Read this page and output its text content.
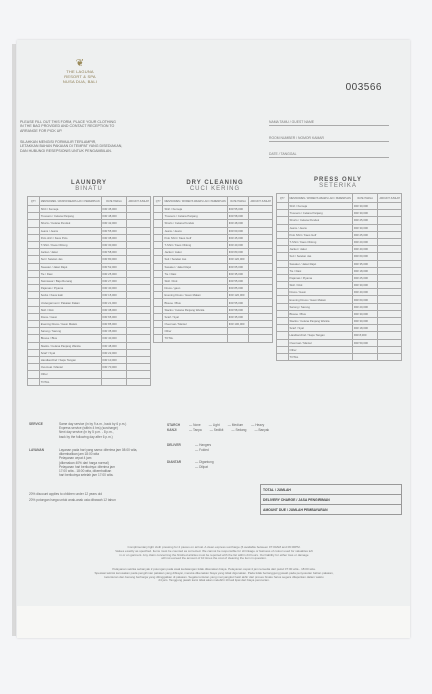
❦
THE LAGUNA
RESORT & SPA
NUSA DUA, BALI
003566
PLEASE FILL OUT THIS FORM, PLACE YOUR CLOTHING
IN THE BAG PROVIDED AND CONTACT RECEPTION TO
ARRANGE FOR PICK UP.
SILAHKAN MENGISI FORMULIR TERLAMPIR,
LETAKKAN BAHAN PAKAIAN DI TEMPAT YANG DISEDIAKAN,
DAN HUBUNGI RESEPSIONIS UNTUK PENGAMBILAN.
NAMA TAMU / GUEST NAME
ROOM NUMBER / NOMOR KAMAR
DATE / TANGGAL
LAUNDRY
BINATU
DRY CLEANING
CUCI KERING
PRESS ONLY
SETERIKA
QTY	MEN/WOMEN / WANITA/WEARS LAKI / PEREMPUAN	RATE HARGA	AMOUNT JUMLAH
	Shirt / Kemeja	IDR 45,000	
	Trousers / Celana Panjang	IDR 48,000	
	Shorts / Celana Pendek	IDR 42,000	
	Jeans / Jeans	IDR 55,000	
	Polo shirt / Kaos Polo	IDR 38,000	
	T-Shirt / Kaos Oblong	IDR 30,000	
	Jacket / Jaket	IDR 58,000	
	Suit / Setelan Jas	IDR 80,000	
	Sweater / Jaket Rajut	IDR 52,000	
	Tie / Dasi	IDR 25,000	
	Swimwear / Baju Renang	IDR 27,000	
	Pajamas / Piyama	IDR 40,000	
	Socks / Kaos kaki	IDR 15,000	
	Undergarment / Pakaian Dalam	IDR 21,000	
	Skirt / Rok	IDR 38,000	
	Dress / Gaun	IDR 65,000	
	Evening Dress / Gaun Malam	IDR 85,000	
	Sarong / Sarung	IDR 35,000	
	Blouse / Blus	IDR 40,000	
	Slacks / Celana Panjang Wanita	IDR 48,000	
	Scarf / Syal	IDR 22,000	
	Handkerchief / Sapu Tangan	IDR 10,000	
	Overcoat / Mantel	IDR 70,000	
	Other		
	TOTAL		
QTY	MEN/WOMEN / WOMEN'S WEARS LAKI / PEREMPUAN	RATE HARGA	AMOUNT JUMLAH
	Shirt / Kemeja	IDR 55,000	
	Trousers / Celana Panjang	IDR 58,000	
	Shorts / Celana Pendek	IDR 48,000	
	Jeans / Jeans	IDR 60,000	
	Polo Shirt / Kaos Golf	IDR 45,000	
	T-Shirt / Kaos Oblong	IDR 40,000	
	Jacket / Jaket	IDR 80,000	
	Suit / Setelan Jas	IDR 120,000	
	Sweater / Jaket Rajut	IDR 65,000	
	Tie / Dasi	IDR 35,000	
	Skirt / Rok	IDR 55,000	
	Dress / gaun	IDR 85,000	
	Evening Dress / Gaun Malam	IDR 120,000	
	Blouse / Blus	IDR 55,000	
	Slacks / Celana Panjang Wanita	IDR 58,000	
	Scarf / Syal	IDR 35,000	
	Overcoat / Mantel	IDR 100,000	
	Other		
	TOTAL		
QTY	MEN/WOMEN / WOMEN'S WEARS LAKI / PEREMPUAN	RATE HARGA	AMOUNT JUMLAH
	Shirt / Kemeja	IDR 30,000	
	Trousers / Celana Panjang	IDR 30,000	
	Shorts / Celana Pendek	IDR 25,000	
	Jeans / Jeans	IDR 30,000	
	Polo Shirt / Kaos Golf	IDR 25,000	
	T-Shirt / Kaos Oblong	IDR 20,000	
	Jacket / Jaket	IDR 40,000	
	Suit / Setelan Jas	IDR 60,000	
	Sweater / Jaket Rajut	IDR 35,000	
	Tie / Dasi	IDR 18,000	
	Pajamas / Piyama	IDR 25,000	
	Skirt / Rok	IDR 30,000	
	Dress / Gaun	IDR 40,000	
	Evening Dress / Gaun Malam	IDR 60,000	
	Sarong / Sarung	IDR 20,000	
	Blouse / Blus	IDR 30,000	
	Slacks / Celana Panjang Wanita	IDR 30,000	
	Scarf / Syal	IDR 18,000	
	Handkerchief / Sapu Tangan	IDR 8,000	
	Overcoat / Mantel	IDR 50,000	
	Other		
	TOTAL		
SERVICE	Same day service (in by 9 a.m., back by 6 p.m.)
Express service (within 4 hrs) (surcharge)
Next day service (in by 5 p.m. - 8 p.m.,
back by the following day after 6 p.m.)
LAYANAN	Layanan pada hari yang sama: diterima jam 08:00 wita,
dikembalikan jam 18:00 wita
Pelayanan cepat 4 jam
(dikenakan 40% dari harga normal)
Pelayanan hari berikutnya: diterima jam
17:00 wita - 18:00 wita, dikembalikan
hari berikutnya setelah jam 17:00 wita.
20% discount applies to children under 12 years old
20% potongan harga untuk anak-anak usia dibawah 12 tahun
STARCH
KANJI
— None	— Light	— Medium	— Heavy
— Tanpa	— Sedikit	— Sedang	— Banyak
DELIVER	— Hangers
— Folded
DIANTAR	— Digantung
— Dilipat
TOTAL / JUMLAH
DELIVERY CHARGE / JASA PENGIRIMAN
AMOUNT DUE / JUMLAH PEMBAYARAN
Complimentary light cloth pressing for 2 pieces on arrival. A clean express surcharge (6 available between 07:00AM and 06:00PM.
Values exactly as specified. Items must be counted as corrected. We cannot be responsible for shrinkage or fastness of colour used for valuables left
in or on garment. Any claim concerning the finished articles must be reported with the list within 24 hours. Our liability for either loss or damage
will not exceed the amount of 10 times the cost of cleaning the item in question.
Pelayanan setrika sebanyak 2 potongan pada awal kedatangan tidak dikenakan biaya. Pelayanan cepat 4 jam tersedia dari pukul 07:00 wita - 18:00 wita.
Spesiasi teknisi kerusakan pada pengiriman pakaian yang dibiayai, mereka dikenakan biaya yang tidak digunakan. Pada tidak bertanggung jawab pada penyusutan bahan pakaian,
kelunturan dan benang berharga yang ditinggalkan di pakaian. Segala tuntutan yang menyangkut hasil akhir dari proses binatu harus segera dilaporkan dalam waktu
24 jam. Tanggung jawab kami tidak akan melebihi 10 kali lipat dari biaya pencucian.
